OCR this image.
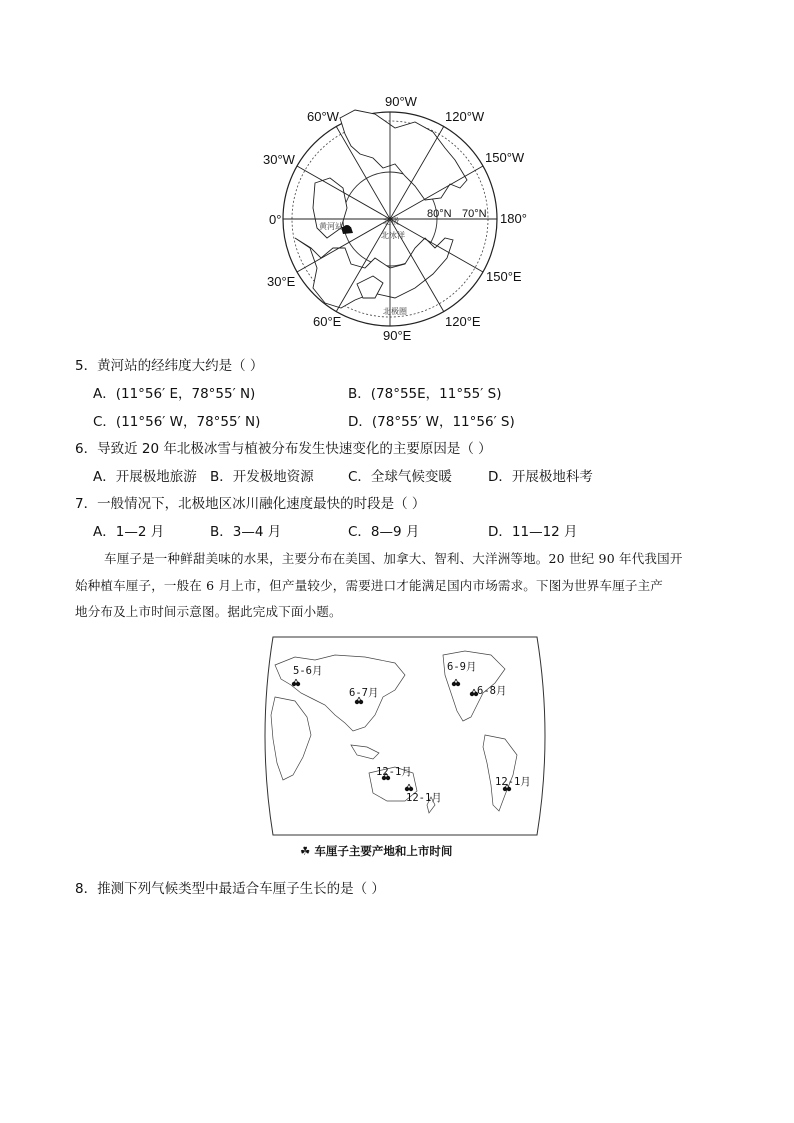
90°W
120°W
60°W
150°W
30°W
0°	180°
80°N 70°N
30°E	150°E
60°E	120°E
90°E
黄河站
北冰洋
北极
北极圈
5．黄河站的经纬度大约是（ ）
A．(11°56′ E，78°55′ N)	B．(78°55E，11°55′ S)
C．(11°56′ W，78°55′ N)	D．(78°55′ W，11°56′ S)
6．导致近 20 年北极冰雪与植被分布发生快速变化的主要原因是（ ）
A．开展极地旅游 B．开发极地资源	C．全球气候变暖	D．开展极地科考
7．一般情况下，北极地区冰川融化速度最快的时段是（ ）
A．1—2 月	B．3—4 月	C．8—9 月	D．11—12 月
车厘子是一种鲜甜美味的水果，主要分布在美国、加拿大、智利、大洋洲等地。20 世纪 90 年代我国开
始种植车厘子，一般在 6 月上市，但产量较少，需要进口才能满足国内市场需求。下图为世界车厘子主产
地分布及上市时间示意图。据此完成下面小题。
5-6月
6-7月
6-9月
6-8月
12-1月
12-1月
12-1月
☘ 车厘子主要产地和上市时间
8．推测下列气候类型中最适合车厘子生长的是（ ）
